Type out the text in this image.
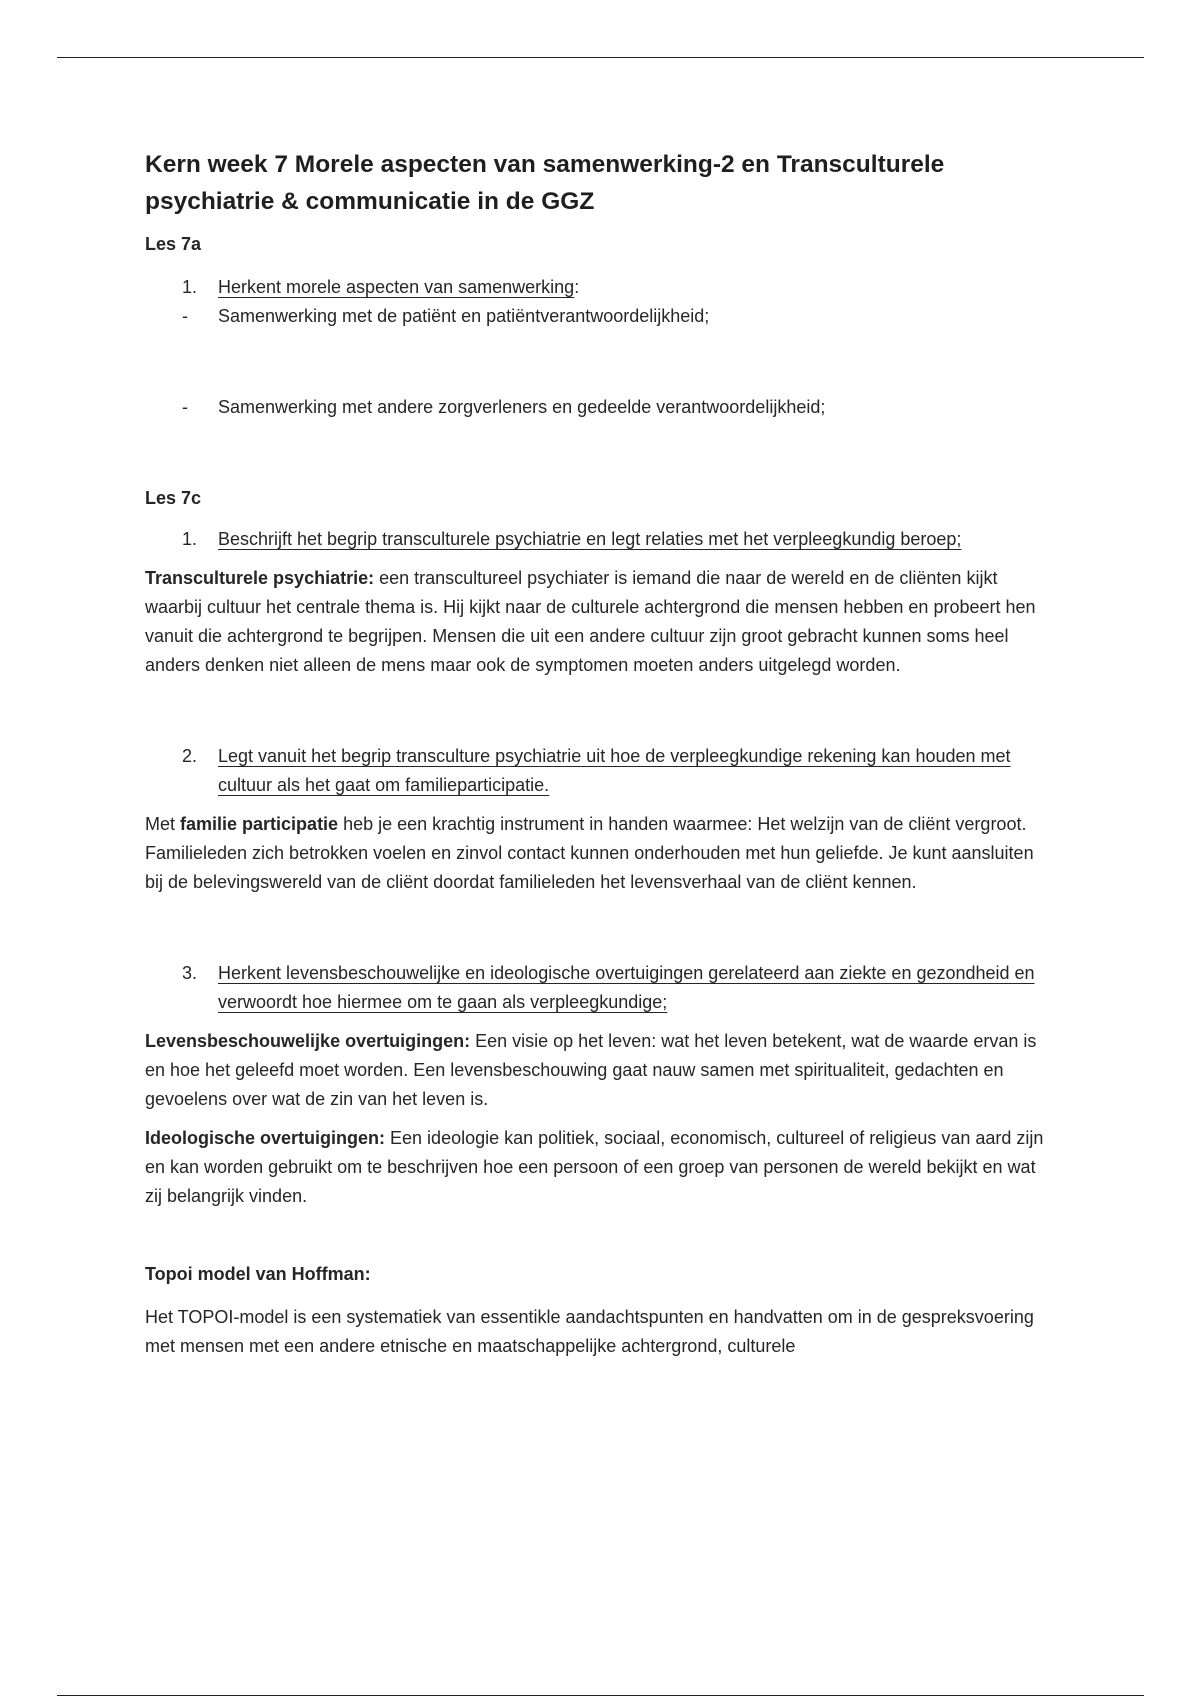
Kern week 7 Morele aspecten van samenwerking-2 en Transculturele psychiatrie & communicatie in de GGZ
Les 7a
1. Herkent morele aspecten van samenwerking:
- Samenwerking met de patiënt en patiëntverantwoordelijkheid;
- Samenwerking met andere zorgverleners en gedeelde verantwoordelijkheid;
Les 7c
1. Beschrijft het begrip transculturele psychiatrie en legt relaties met het verpleegkundig beroep;

Transculturele psychiatrie: een transcultureel psychiater is iemand die naar de wereld en de cliënten kijkt waarbij cultuur het centrale thema is. Hij kijkt naar de culturele achtergrond die mensen hebben en probeert hen vanuit die achtergrond te begrijpen. Mensen die uit een andere cultuur zijn groot gebracht kunnen soms heel anders denken niet alleen de mens maar ook de symptomen moeten anders uitgelegd worden.

2. Legt vanuit het begrip transculture psychiatrie uit hoe de verpleegkundige rekening kan houden met cultuur als het gaat om familieparticipatie.

Met familie participatie heb je een krachtig instrument in handen waarmee: Het welzijn van de cliënt vergroot. Familieleden zich betrokken voelen en zinvol contact kunnen onderhouden met hun geliefde. Je kunt aansluiten bij de belevingswereld van de cliënt doordat familieleden het levensverhaal van de cliënt kennen.

3. Herkent levensbeschouwelijke en ideologische overtuigingen gerelateerd aan ziekte en gezondheid en verwoordt hoe hiermee om te gaan als verpleegkundige;

Levensbeschouwelijke overtuigingen: Een visie op het leven: wat het leven betekent, wat de waarde ervan is en hoe het geleefd moet worden. Een levensbeschouwing gaat nauw samen met spiritualiteit, gedachten en gevoelens over wat de zin van het leven is.

Ideologische overtuigingen: Een ideologie kan politiek, sociaal, economisch, cultureel of religieus van aard zijn en kan worden gebruikt om te beschrijven hoe een persoon of een groep van personen de wereld bekijkt en wat zij belangrijk vinden.

Topoi model van Hoffman:

Het TOPOI-model is een systematiek van essentikle aandachtspunten en handvatten om in de gespreksvoering met mensen met een andere etnische en maatschappelijke achtergrond, culturele
